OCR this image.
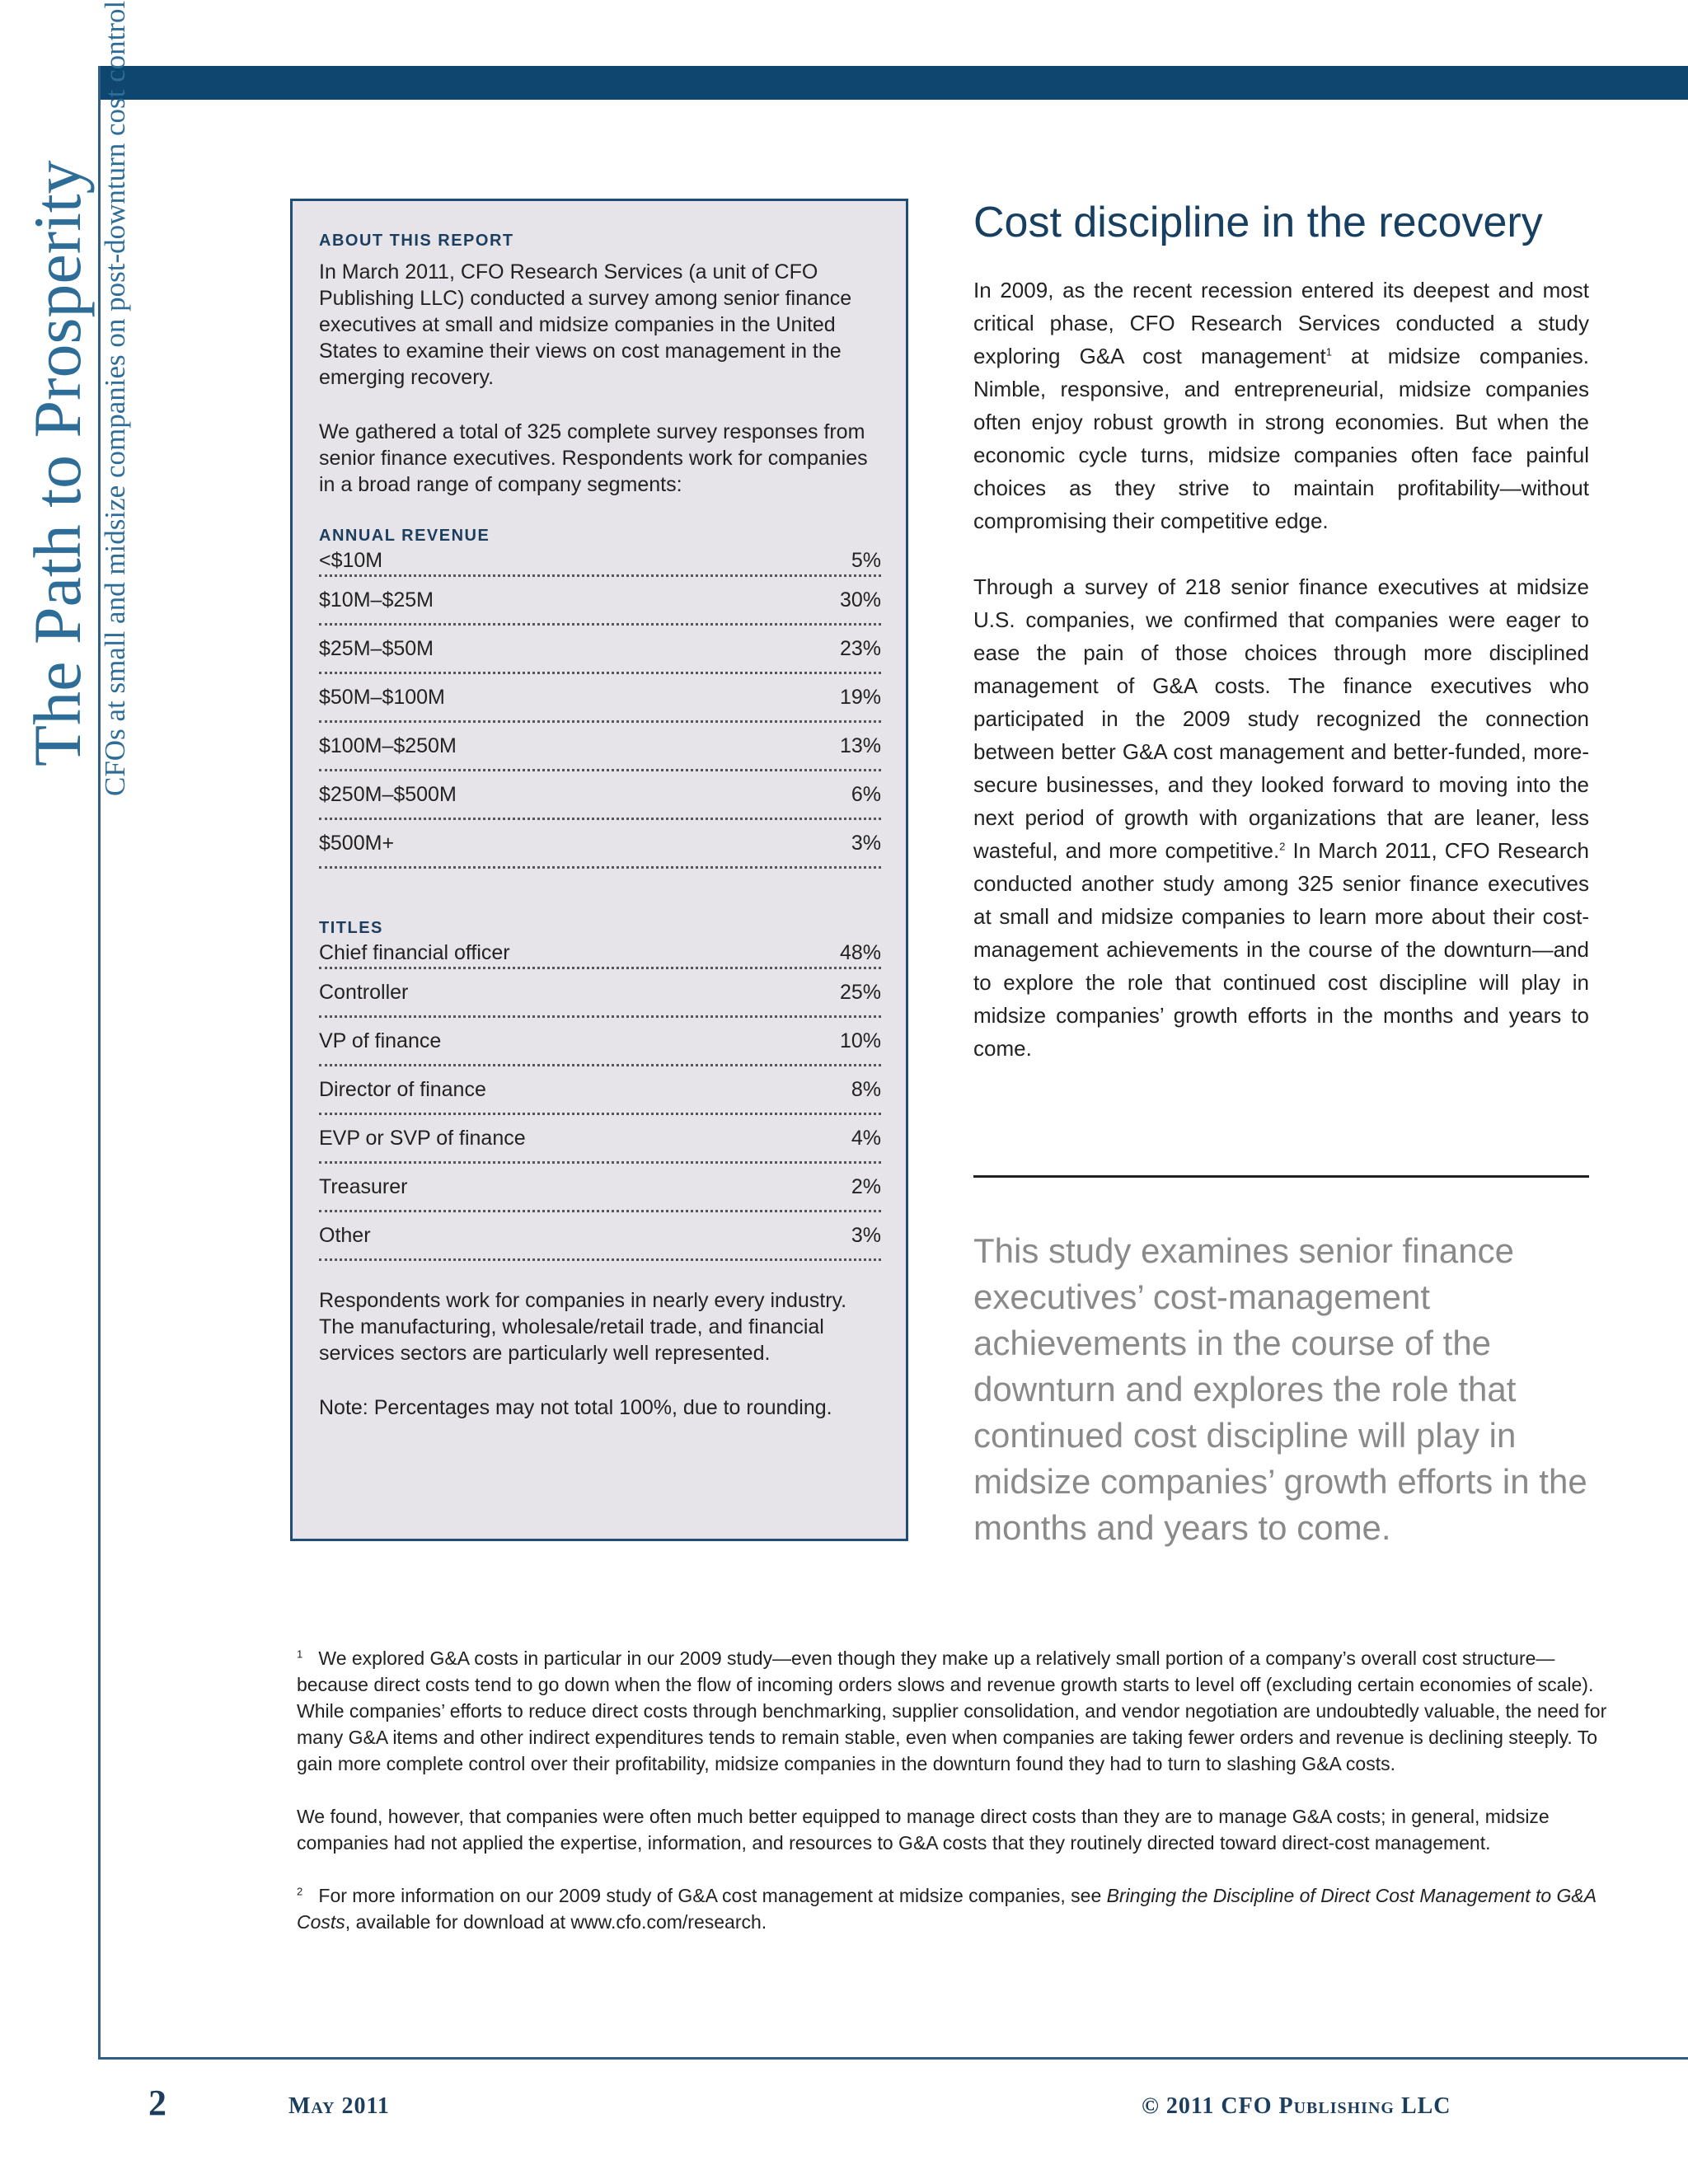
The Path to Prosperity CFOs at small and midsize companies on post-downturn cost control	ABOUT THIS REPORT

In March 2011, CFO Research Services (a unit of CFO Publishing LLC) conducted a survey among senior finance executives at small and midsize companies in the United States to examine their views on cost management in the emerging recovery.

We gathered a total of 325 complete survey responses from senior finance executives. Respondents work for companies in a broad range of company segments:

ANNUAL REVENUE
<$10M	5%
$10M–$25M	30%
$25M–$50M	23%
$50M–$100M	19%
$100M–$250M	13%
$250M–$500M	6%
$500M+	3%
TITLES
Chief financial officer	48%
Controller	25%
VP of finance	10%
Director of finance	8%
EVP or SVP of finance	4%
Treasurer	2%
Other	3%

Respondents work for companies in nearly every industry. The manufacturing, wholesale/retail trade, and financial services sectors are particularly well represented.

Note: Percentages may not total 100%, due to rounding.

Cost discipline in the recovery

In 2009, as the recent recession entered its deepest and most critical phase, CFO Research Services conducted a study exploring G&A cost management$^1$ at midsize companies. Nimble, responsive, and entrepreneurial, midsize companies often enjoy robust growth in strong economies. But when the economic cycle turns, midsize companies often face painful choices as they strive to maintain profitability—without compromising their competitive edge.

Through a survey of 218 senior finance executives at midsize U.S. companies, we confirmed that companies were eager to ease the pain of those choices through more disciplined management of G&A costs. The finance executives who participated in the 2009 study recognized the connection between better G&A cost management and better-funded, more-secure businesses, and they looked forward to moving into the next period of growth with organizations that are leaner, less wasteful, and more competitive.$^2$ In March 2011, CFO Research conducted another study among 325 senior finance executives at small and midsize companies to learn more about their cost-management achievements in the course of the downturn—and to explore the role that continued cost discipline will play in midsize companies’ growth efforts in the months and years to come.

This study examines senior finance executives’ cost-management achievements in the course of the downturn and explores the role that continued cost discipline will play in midsize companies’ growth efforts in the months and years to come.

$^1$ We explored G&A costs in particular in our 2009 study—even though they make up a relatively small portion of a company’s overall cost structure—because direct costs tend to go down when the flow of incoming orders slows and revenue growth starts to level off (excluding certain economies of scale). While companies’ efforts to reduce direct costs through benchmarking, supplier consolidation, and vendor negotiation are undoubtedly valuable, the need for many G&A items and other indirect expenditures tends to remain stable, even when companies are taking fewer orders and revenue is declining steeply. To gain more complete control over their profitability, midsize companies in the downturn found they had to turn to slashing G&A costs.

We found, however, that companies were often much better equipped to manage direct costs than they are to manage G&A costs; in general, midsize companies had not applied the expertise, information, and resources to G&A costs that they routinely directed toward direct-cost management.

$^2$ For more information on our 2009 study of G&A cost management at midsize companies, see Bringing the Discipline of Direct Cost Management to G&A Costs, available for download at www.cfo.com/research.

2	May 2011	© 2011 CFO Publishing LLC
